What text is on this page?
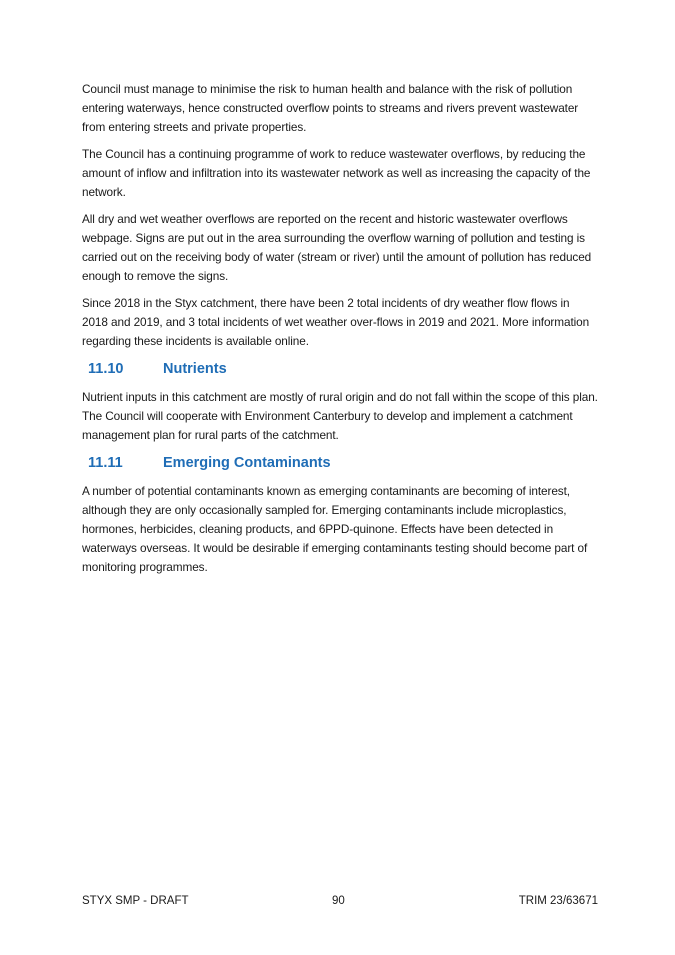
Council must manage to minimise the risk to human health and balance with the risk of pollution entering waterways, hence constructed overflow points to streams and rivers prevent wastewater from entering streets and private properties.

The Council has a continuing programme of work to reduce wastewater overflows, by reducing the amount of inflow and infiltration into its wastewater network as well as increasing the capacity of the network.

All dry and wet weather overflows are reported on the recent and historic wastewater overflows webpage. Signs are put out in the area surrounding the overflow warning of pollution and testing is carried out on the receiving body of water (stream or river) until the amount of pollution has reduced enough to remove the signs.

Since 2018 in the Styx catchment, there have been 2 total incidents of dry weather flow flows in 2018 and 2019, and 3 total incidents of wet weather over-flows in 2019 and 2021. More information regarding these incidents is available online.

11.10	Nutrients

Nutrient inputs in this catchment are mostly of rural origin and do not fall within the scope of this plan. The Council will cooperate with Environment Canterbury to develop and implement a catchment management plan for rural parts of the catchment.

11.11	Emerging Contaminants

A number of potential contaminants known as emerging contaminants are becoming of interest, although they are only occasionally sampled for. Emerging contaminants include microplastics, hormones, herbicides, cleaning products, and 6PPD-quinone. Effects have been detected in waterways overseas. It would be desirable if emerging contaminants testing should become part of monitoring programmes.

STYX SMP - DRAFT	90	TRIM 23/63671
